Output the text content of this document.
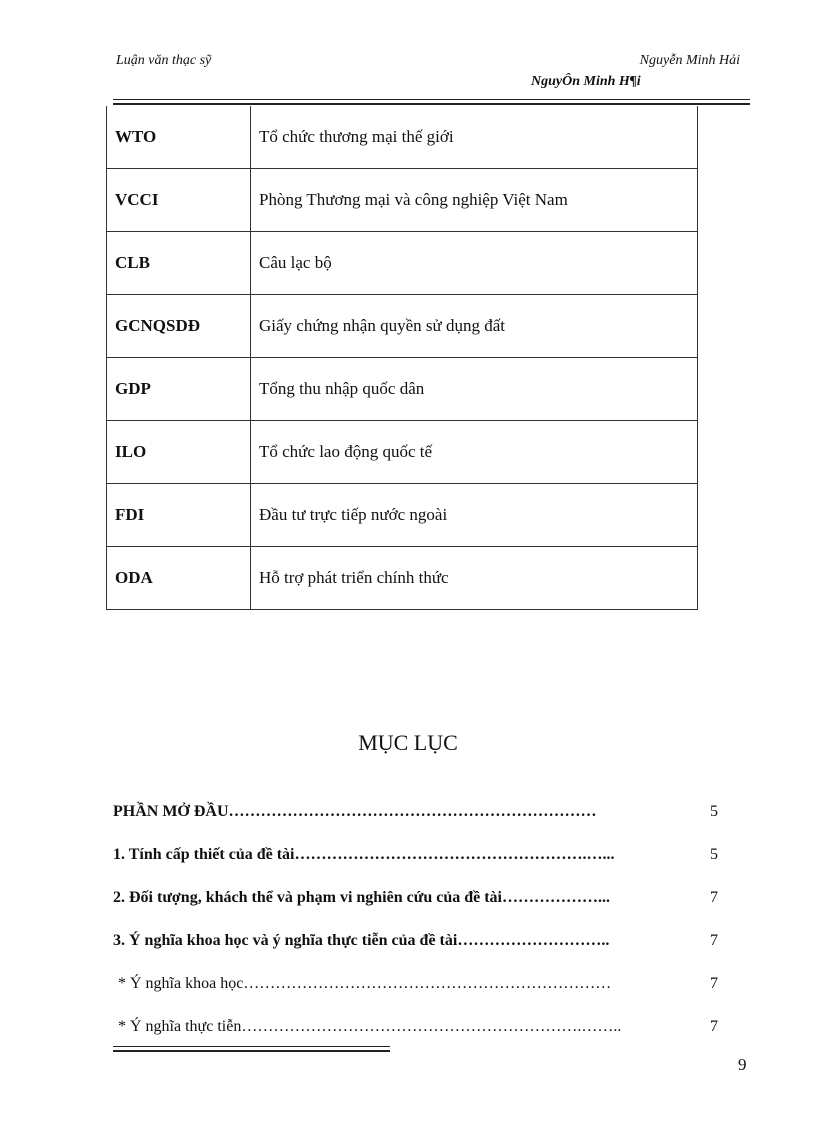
Luận văn thạc sỹ	Nguyễn Minh Hải
NguyÔn Minh H¶i
WTO	Tổ chức thương mại thế giới
VCCI	Phòng Thương mại và công nghiệp Việt Nam
CLB	Câu lạc bộ
GCNQSDĐ	Giấy chứng nhận quyền sử dụng đất
GDP	Tổng thu nhập quốc dân
ILO	Tổ chức lao động quốc tế
FDI	Đầu tư trực tiếp nước ngoài
ODA	Hỗ trợ phát triển chính thức
MỤC LỤC
PHẦN MỞ ĐẦU……………………………………………………………	5
1. Tính cấp thiết của đề tài……………………………………………….…...	5
2. Đối tượng, khách thể và phạm vi nghiên cứu của đề tài………………...	7
3. Ý nghĩa khoa học và ý nghĩa thực tiễn của đề tài………………………..	7
* Ý nghĩa khoa học……………………………………………………………	7
* Ý nghĩa thực tiễn……………………………………………………….……..	7
9
